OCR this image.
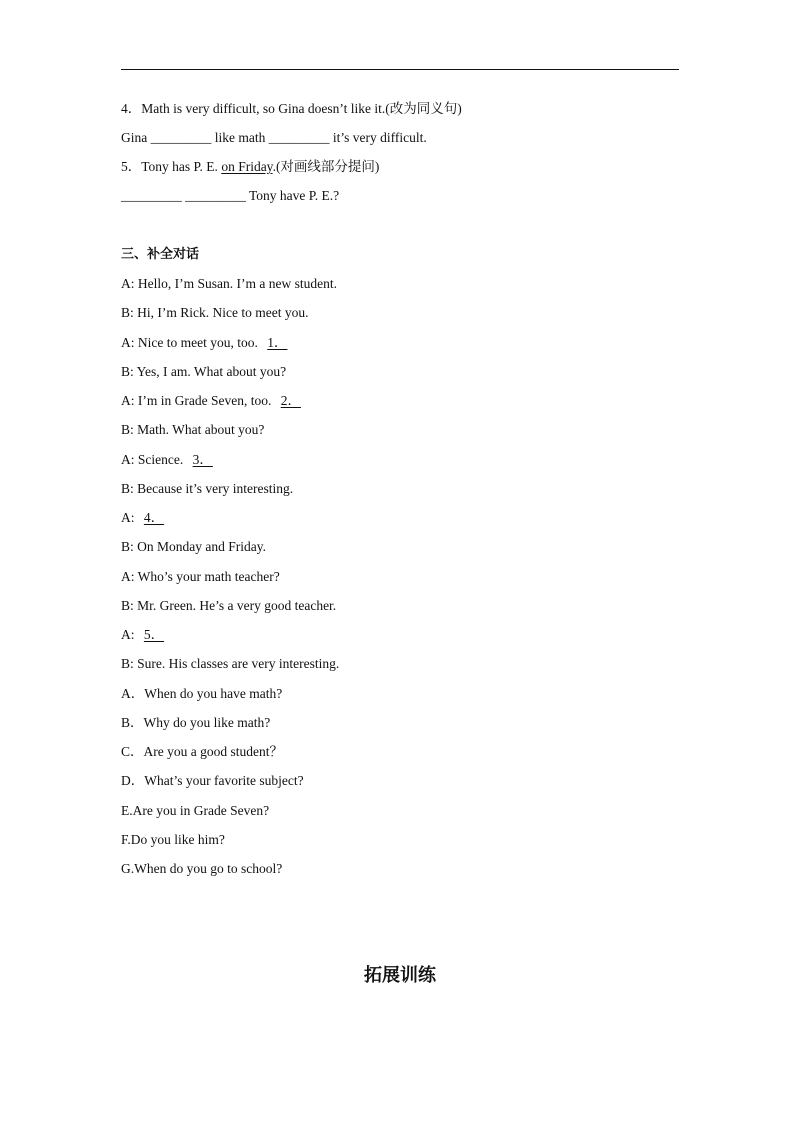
4．Math is very difficult, so Gina doesn’t like it.(改为同义句)
Gina _________ like math _________ it’s very difficult.
5．Tony has P. E. on Friday.(对画线部分提问)
_________ _________ Tony have P. E.?
三、补全对话
A: Hello, I’m Susan. I’m a new student.
B: Hi, I’m Rick. Nice to meet you.
A: Nice to meet you, too. 1．
B: Yes, I am. What about you?
A: I’m in Grade Seven, too. 2．
B: Math. What about you?
A: Science. 3．
B: Because it’s very interesting.
A: 4．
B: On Monday and Friday.
A: Who’s your math teacher?
B: Mr. Green. He’s a very good teacher.
A: 5．
B: Sure. His classes are very interesting.
A．When do you have math?
B．Why do you like math?
C．Are you a good student？
D．What’s your favorite subject?
E.Are you in Grade Seven?
F.Do you like him?
G.When do you go to school?
拓展训练
